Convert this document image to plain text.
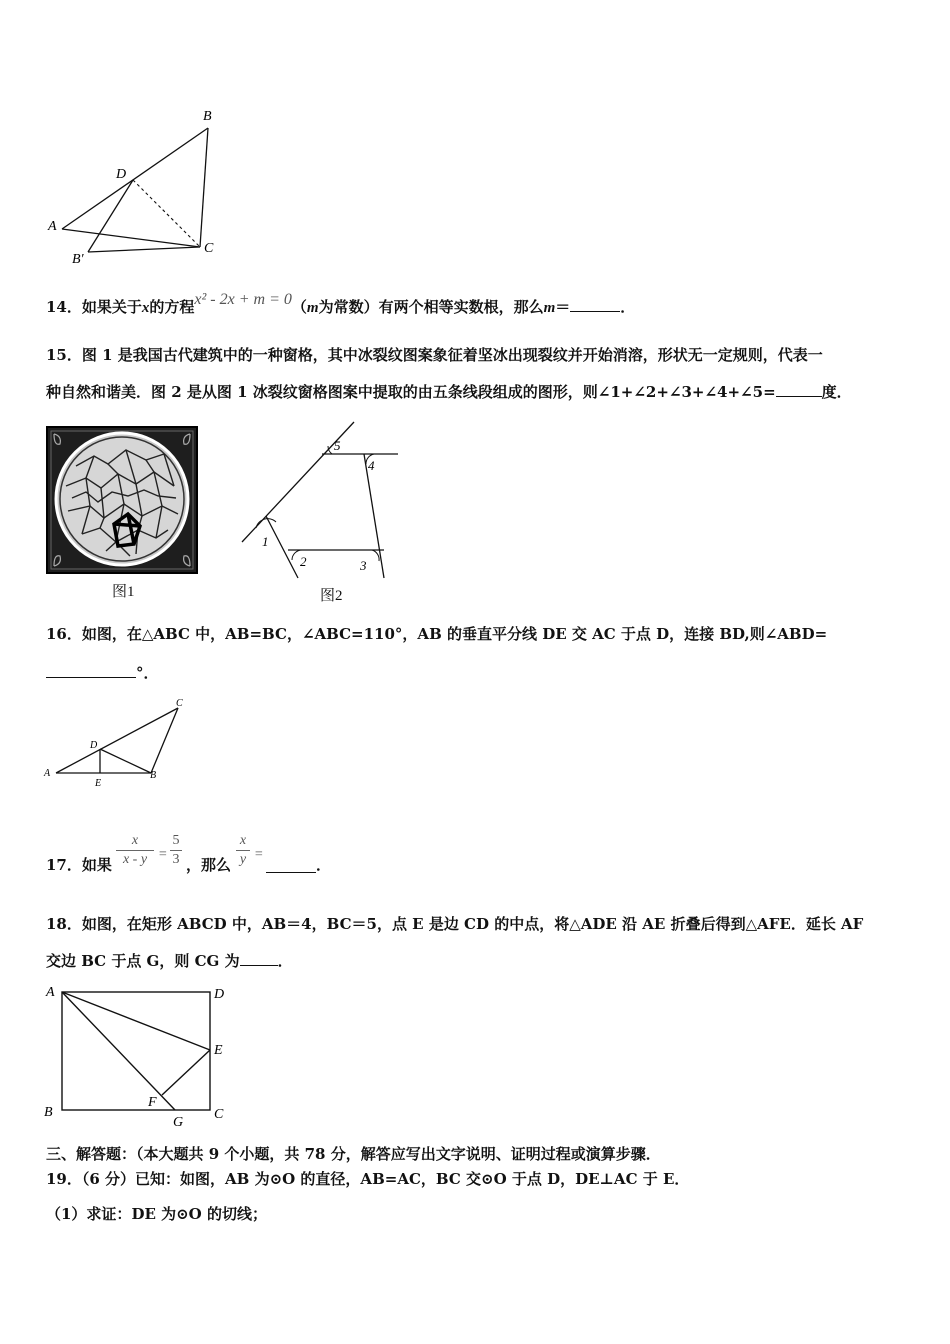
B
D
A
B′
C
14．如果关于x的方程x² - 2x + m = 0（m为常数）有两个相等实数根，那么m＝	．
15．图 1 是我国古代建筑中的一种窗格，其中冰裂纹图案象征着坚冰出现裂纹并开始消溶，形状无一定规则，代表一
种自然和谐美．图 2 是从图 1 冰裂纹窗格图案中提取的由五条线段组成的图形，则∠1+∠2+∠3+∠4+∠5=	度．
图1
1
2	3
4
5
图2
16．如图，在△ABC 中，AB=BC，∠ABC=110°，AB 的垂直平分线 DE 交 AC 于点 D，连接 BD,则∠ABD=
°．
C
D
A
E
B
17．如果
x
x - y =
5
3 ，那么
x
y =
．
18．如图，在矩形 ABCD 中，AB＝4，BC＝5，点 E 是边 CD 的中点，将△ADE 沿 AE 折叠后得到△AFE．延长 AF
交边 BC 于点 G，则 CG 为	．
A	D
E
B
F
G
C
三、解答题：（本大题共 9 个小题，共 78 分，解答应写出文字说明、证明过程或演算步骤．
19．（6 分）已知：如图，AB 为⊙O 的直径，AB=AC，BC 交⊙O 于点 D，DE⊥AC 于 E．
（1）求证：DE 为⊙O 的切线；
